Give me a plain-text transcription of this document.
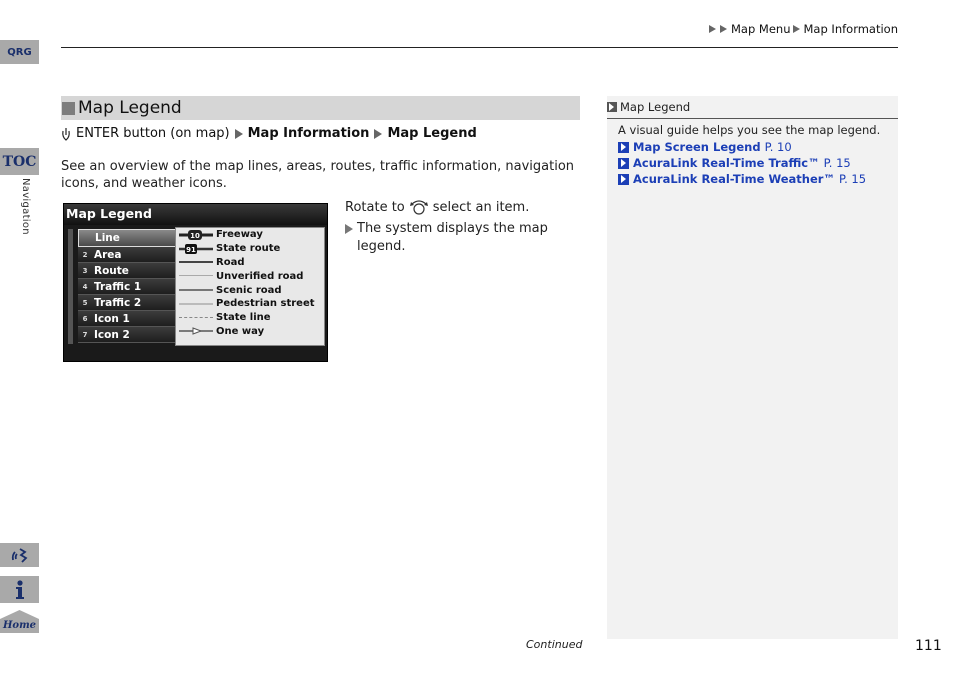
QRG
TOC
Navigation
Home
Map Menu Map Information
Map Legend
ENTER button (on map) Map Information Map Legend
See an overview of the map lines, areas, routes, traffic information, navigation icons, and weather icons.
Map Legend
Line
2 Area
3 Route
4 Traffic 1
5 Traffic 2
6 Icon 1
7 Icon 2
10 Freeway
91 State route
Road
Unverified road
Scenic road
Pedestrian street
State line
One way
Rotate to select an item.
The system displays the map legend.
Map Legend
A visual guide helps you see the map legend.
Map Screen Legend P. 10
AcuraLink Real-Time Traffic™ P. 15
AcuraLink Real-Time Weather™ P. 15
Continued	111
